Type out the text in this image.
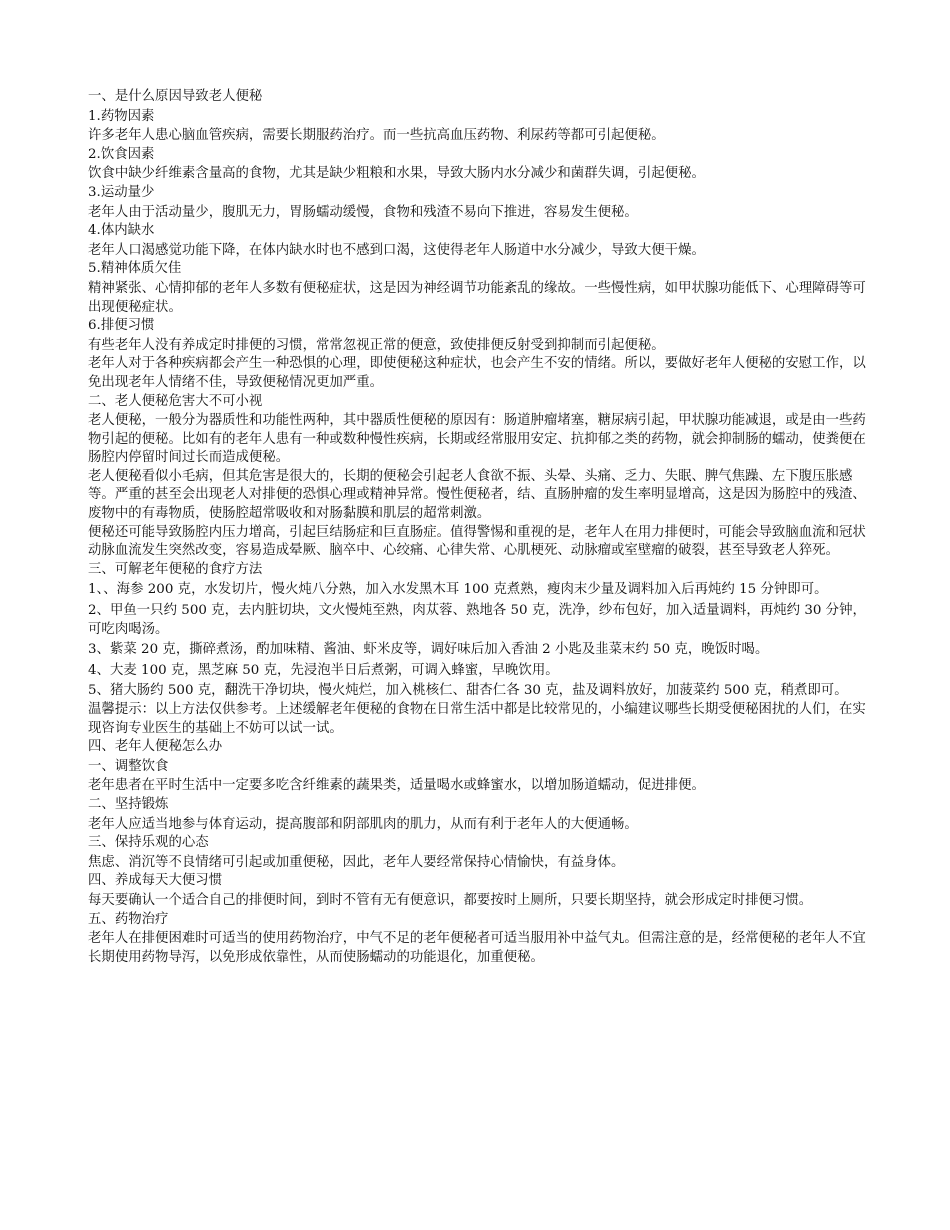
一、是什么原因导致老人便秘

1.药物因素

许多老年人患心脑血管疾病，需要长期服药治疗。而一些抗高血压药物、利尿药等都可引起便秘。

2.饮食因素

饮食中缺少纤维素含量高的食物，尤其是缺少粗粮和水果，导致大肠内水分减少和菌群失调，引起便秘。

3.运动量少

老年人由于活动量少，腹肌无力，胃肠蠕动缓慢，食物和残渣不易向下推进，容易发生便秘。

4.体内缺水

老年人口渴感觉功能下降，在体内缺水时也不感到口渴，这使得老年人肠道中水分减少，导致大便干燥。

5.精神体质欠佳

精神紧张、心情抑郁的老年人多数有便秘症状，这是因为神经调节功能紊乱的缘故。一些慢性病，如甲状腺功能低下、心理障碍等可出现便秘症状。

6.排便习惯

有些老年人没有养成定时排便的习惯，常常忽视正常的便意，致使排便反射受到抑制而引起便秘。

老年人对于各种疾病都会产生一种恐惧的心理，即使便秘这种症状，也会产生不安的情绪。所以，要做好老年人便秘的安慰工作，以免出现老年人情绪不佳，导致便秘情况更加严重。

二、老人便秘危害大不可小视

老人便秘，一般分为器质性和功能性两种，其中器质性便秘的原因有：肠道肿瘤堵塞，糖尿病引起，甲状腺功能减退，或是由一些药物引起的便秘。比如有的老年人患有一种或数种慢性疾病，长期或经常服用安定、抗抑郁之类的药物，就会抑制肠的蠕动，使粪便在肠腔内停留时间过长而造成便秘。

老人便秘看似小毛病，但其危害是很大的，长期的便秘会引起老人食欲不振、头晕、头痛、乏力、失眠、脾气焦躁、左下腹压胀感等。严重的甚至会出现老人对排便的恐惧心理或精神异常。慢性便秘者，结、直肠肿瘤的发生率明显增高，这是因为肠腔中的残渣、废物中的有毒物质，使肠腔超常吸收和对肠黏膜和肌层的超常刺激。

便秘还可能导致肠腔内压力增高，引起巨结肠症和巨直肠症。值得警惕和重视的是，老年人在用力排便时，可能会导致脑血流和冠状动脉血流发生突然改变，容易造成晕厥、脑卒中、心绞痛、心律失常、心肌梗死、动脉瘤或室壁瘤的破裂，甚至导致老人猝死。

三、可解老年便秘的食疗方法

1、、海参 200 克，水发切片，慢火炖八分熟，加入水发黑木耳 100 克煮熟，瘦肉末少量及调料加入后再炖约 15 分钟即可。

2、甲鱼一只约 500 克，去内脏切块，文火慢炖至熟，肉苁蓉、熟地各 50 克，洗净，纱布包好，加入适量调料，再炖约 30 分钟，可吃肉喝汤。

3、紫菜 20 克，撕碎煮汤，酌加味精、酱油、虾米皮等，调好味后加入香油 2 小匙及韭菜末约 50 克，晚饭时喝。

4、大麦 100 克，黑芝麻 50 克，先浸泡半日后煮粥，可调入蜂蜜，早晚饮用。

5、猪大肠约 500 克，翻洗干净切块，慢火炖烂，加入桃核仁、甜杏仁各 30 克，盐及调料放好，加菠菜约 500 克，稍煮即可。

温馨提示：以上方法仅供参考。上述缓解老年便秘的食物在日常生活中都是比较常见的，小编建议哪些长期受便秘困扰的人们，在实现咨询专业医生的基础上不妨可以试一试。

四、老年人便秘怎么办

一、调整饮食

老年患者在平时生活中一定要多吃含纤维素的蔬果类，适量喝水或蜂蜜水，以增加肠道蠕动，促进排便。

二、坚持锻炼

老年人应适当地参与体育运动，提高腹部和阴部肌肉的肌力，从而有利于老年人的大便通畅。

三、保持乐观的心态

焦虑、消沉等不良情绪可引起或加重便秘，因此，老年人要经常保持心情愉快，有益身体。

四、养成每天大便习惯

每天要确认一个适合自己的排便时间，到时不管有无有便意识，都要按时上厕所，只要长期坚持，就会形成定时排便习惯。

五、药物治疗

老年人在排便困难时可适当的使用药物治疗，中气不足的老年便秘者可适当服用补中益气丸。但需注意的是，经常便秘的老年人不宜长期使用药物导泻，以免形成依靠性，从而使肠蠕动的功能退化，加重便秘。
